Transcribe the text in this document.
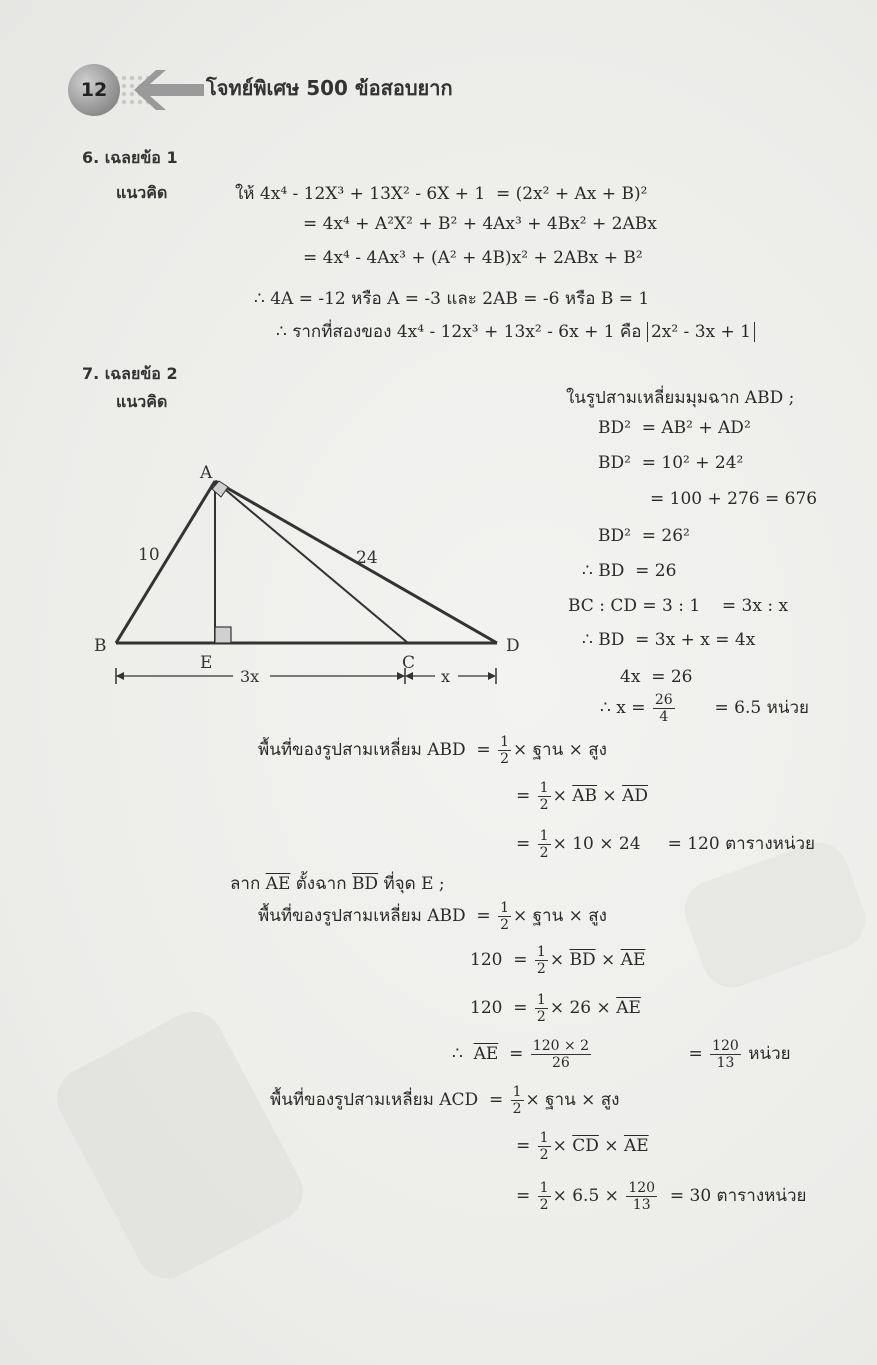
12	โจทย์พิเศษ 500 ข้อสอบยาก
6. เฉลยข้อ 1
แนวคิด	ให้ 4x⁴ - 12X³ + 13X² - 6X + 1 = (2x² + Ax + B)²
= 4x⁴ + A²X² + B² + 4Ax³ + 4Bx² + 2ABx
= 4x⁴ - 4Ax³ + (A² + 4B)x² + 2ABx + B²
∴ 4A = -12 หรือ A = -3 และ 2AB = -6 หรือ B = 1
∴ รากที่สองของ 4x⁴ - 12x³ + 13x² - 6x + 1 คือ 2x² - 3x + 1
7. เฉลยข้อ 2
แนวคิด
A
B
E	C
D
10	24
3x	x
ในรูปสามเหลี่ยมมุมฉาก ABD ;
BD² = AB² + AD²
BD² = 10² + 24²
= 100 + 276 = 676
BD² = 26²
∴ BD = 26
BC : CD = 3 : 1 = 3x : x
∴ BD = 3x + x = 4x
4x = 26
∴ $x = \frac{26}{4} = 6.5$ หน่วย
พื้นที่ของรูปสามเหลี่ยม ABD  = $\frac{1}{2}$ × ฐาน × สูง
= $\frac{1}{2} \times \overline{AB} \times \overline{AD}$
= $\frac{1}{2} \times 10 \times 24 = 120$ ตารางหน่วย
ลาก $\overline{AE}$ ตั้งฉาก $\overline{BD}$ ที่จุด E ;
พื้นที่ของรูปสามเหลี่ยม ABD  = $\frac{1}{2}$ × ฐาน × สูง
$120 = \frac{1}{2} \times \overline{BD} \times \overline{AE}$
$120 = \frac{1}{2} \times 26 \times \overline{AE}$
∴  $\overline{AE} = \frac{120 \times 2}{26}$	= $\frac{120}{13}$ หน่วย
พื้นที่ของรูปสามเหลี่ยม ACD  = $\frac{1}{2}$ × ฐาน × สูง
= $\frac{1}{2} \times \overline{CD} \times \overline{AE}$
= $\frac{1}{2} \times 6.5 \times \frac{120}{13} = 30$ ตารางหน่วย
